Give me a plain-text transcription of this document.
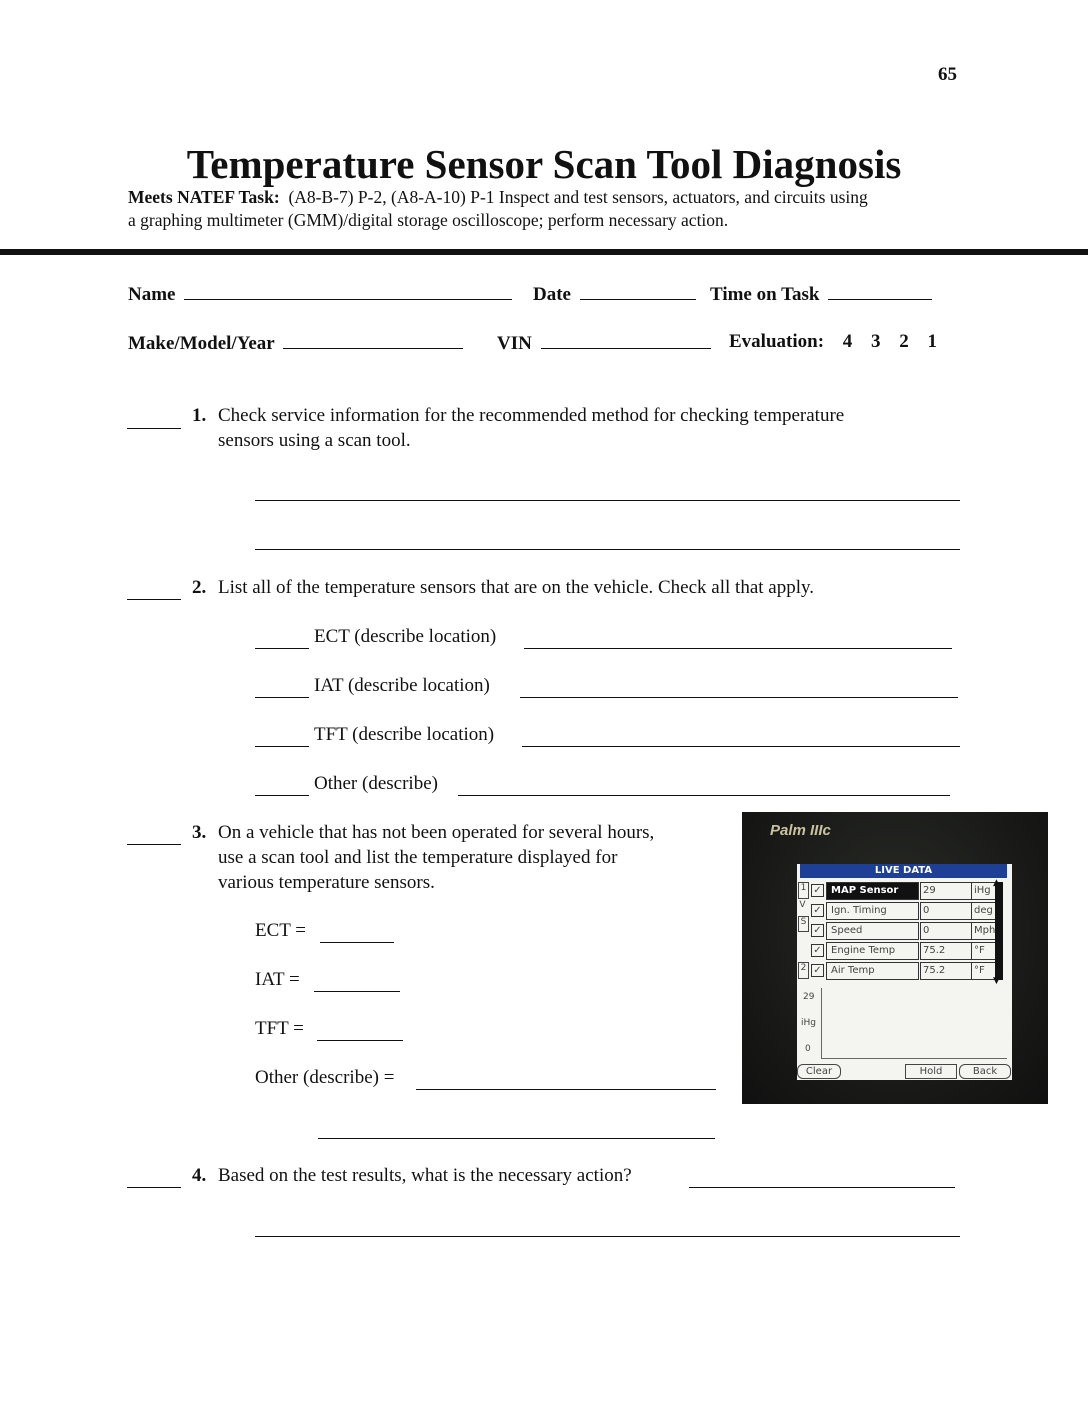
65
Temperature Sensor Scan Tool Diagnosis
Meets NATEF Task: (A8-B-7) P-2, (A8-A-10) P-1 Inspect and test sensors, actuators, and circuits using
a graphing multimeter (GMM)/digital storage oscilloscope; perform necessary action.
Name	Date	Time on Task
Make/Model/Year	VIN	Evaluation: 4 3 2 1
1. Check service information for the recommended method for checking temperature
sensors using a scan tool.
2. List all of the temperature sensors that are on the vehicle. Check all that apply.
ECT (describe location)
IAT (describe location)
TFT (describe location)
Other (describe)
3. On a vehicle that has not been operated for several hours,
use a scan tool and list the temperature displayed for
various temperature sensors.
ECT =
IAT =
TFT =
Other (describe) =
Palm IIIc
LIVE DATA
1
V
S
2
✓ MAP Sensor	29	iHg
✓ Ign. Timing	0	deg
✓ Speed	0	Mph
✓ Engine Temp	75.2	°F
✓ Air Temp	75.2	°F
▲
▼
29
iHg
0
Clear	Hold	Back
4. Based on the test results, what is the necessary action?
